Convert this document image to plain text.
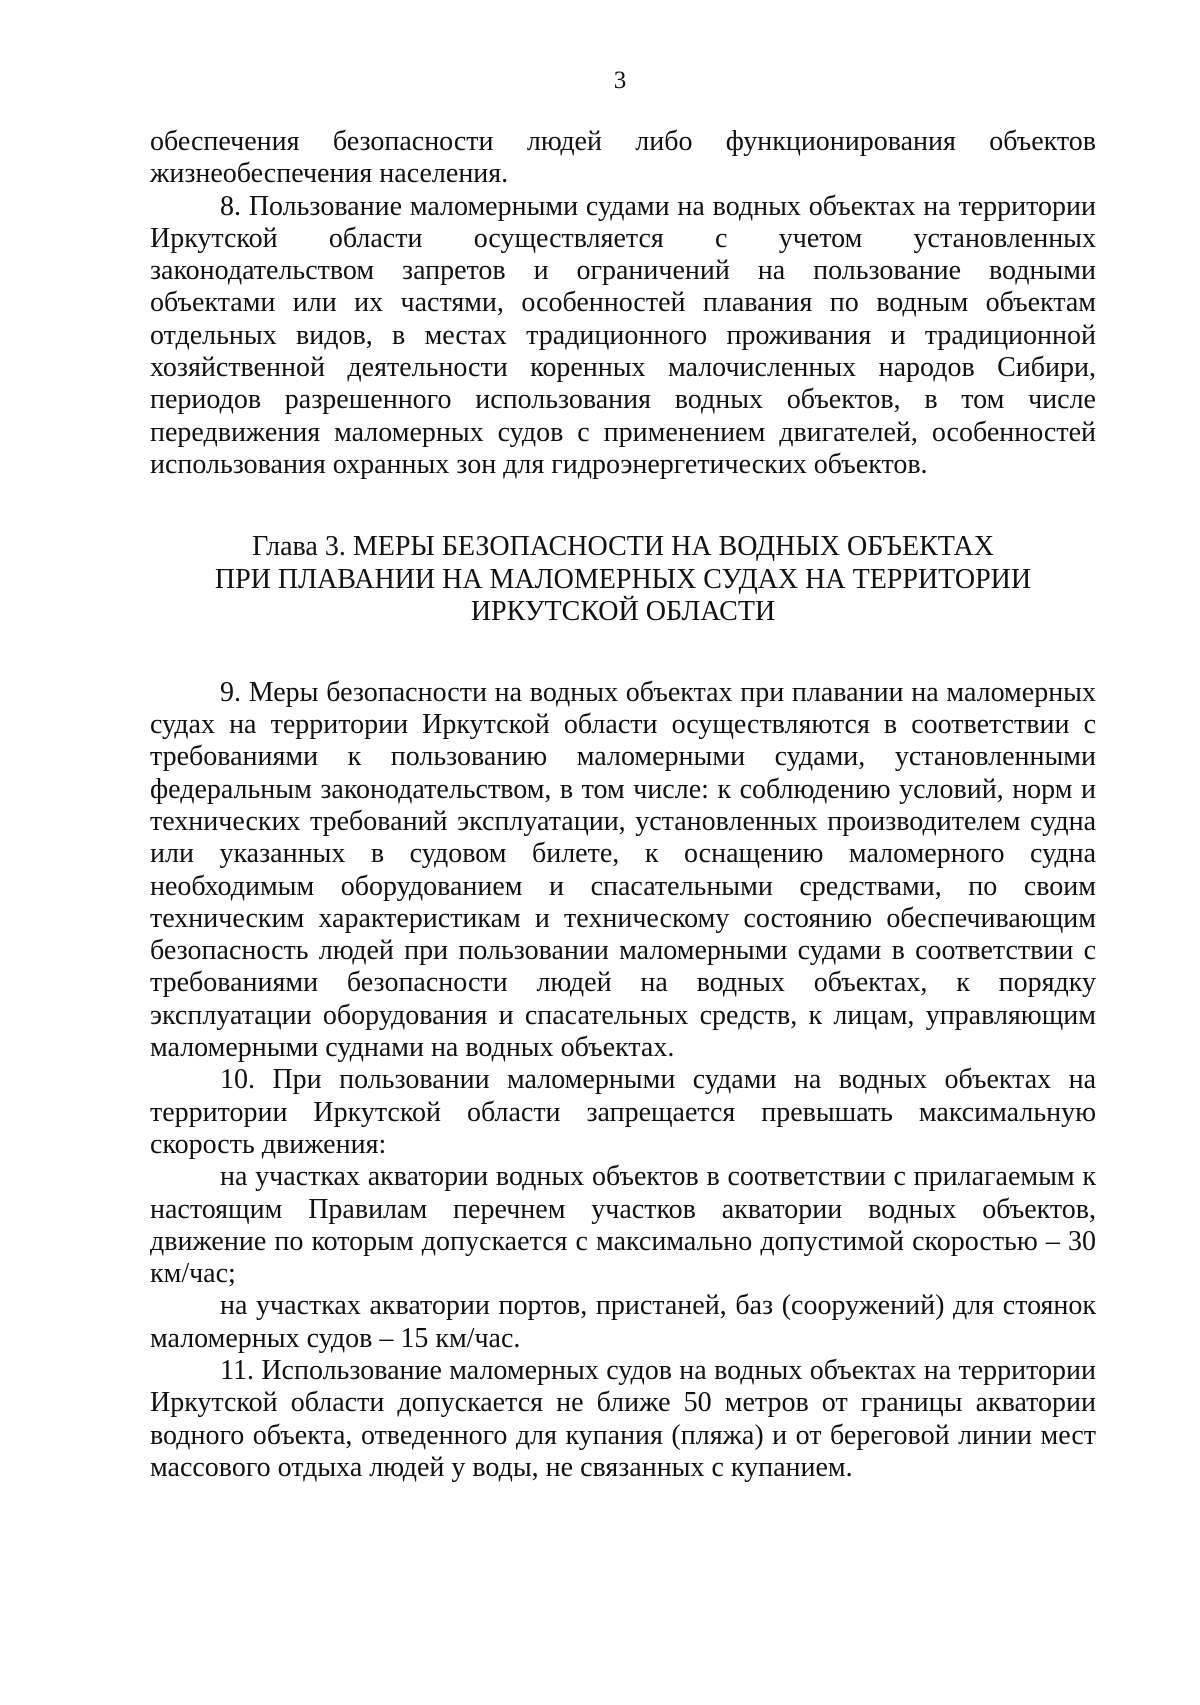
3

обеспечения безопасности людей либо функционирования объектов жизнеобеспечения населения.

8. Пользование маломерными судами на водных объектах на территории Иркутской области осуществляется с учетом установленных законодательством запретов и ограничений на пользование водными объектами или их частями, особенностей плавания по водным объектам отдельных видов, в местах традиционного проживания и традиционной хозяйственной деятельности коренных малочисленных народов Сибири, периодов разрешенного использования водных объектов, в том числе передвижения маломерных судов с применением двигателей, особенностей использования охранных зон для гидроэнергетических объектов.

Глава 3. МЕРЫ БЕЗОПАСНОСТИ НА ВОДНЫХ ОБЪЕКТАХ
ПРИ ПЛАВАНИИ НА МАЛОМЕРНЫХ СУДАХ НА ТЕРРИТОРИИ
ИРКУТСКОЙ ОБЛАСТИ

9. Меры безопасности на водных объектах при плавании на маломерных судах на территории Иркутской области осуществляются в соответствии с требованиями к пользованию маломерными судами, установленными федеральным законодательством, в том числе: к соблюдению условий, норм и технических требований эксплуатации, установленных производителем судна или указанных в судовом билете, к оснащению маломерного судна необходимым оборудованием и спасательными средствами, по своим техническим характеристикам и техническому состоянию обеспечивающим безопасность людей при пользовании маломерными судами в соответствии с требованиями безопасности людей на водных объектах, к порядку эксплуатации оборудования и спасательных средств, к лицам, управляющим маломерными суднами на водных объектах.

10. При пользовании маломерными судами на водных объектах на территории Иркутской области запрещается превышать максимальную скорость движения:

на участках акватории водных объектов в соответствии с прилагаемым к настоящим Правилам перечнем участков акватории водных объектов, движение по которым допускается с максимально допустимой скоростью – 30 км/час;

на участках акватории портов, пристаней, баз (сооружений) для стоянок маломерных судов – 15 км/час.

11. Использование маломерных судов на водных объектах на территории Иркутской области допускается не ближе 50 метров от границы акватории водного объекта, отведенного для купания (пляжа) и от береговой линии мест массового отдыха людей у воды, не связанных с купанием.
